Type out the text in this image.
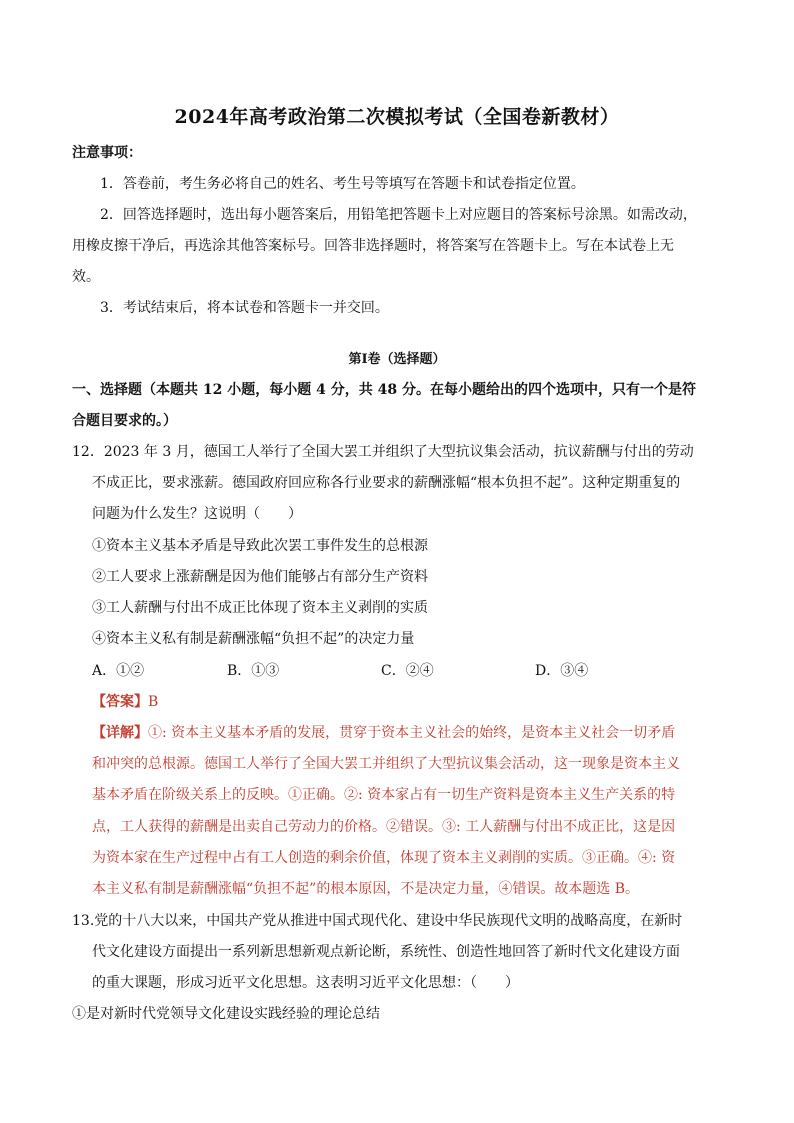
2024年高考政治第二次模拟考试（全国卷新教材）
注意事项：
1．答卷前，考生务必将自己的姓名、考生号等填写在答题卡和试卷指定位置。
2．回答选择题时，选出每小题答案后，用铅笔把答题卡上对应题目的答案标号涂黑。如需改动，
用橡皮擦干净后，再选涂其他答案标号。回答非选择题时，将答案写在答题卡上。写在本试卷上无
效。
3．考试结束后，将本试卷和答题卡一并交回。
第Ⅰ卷（选择题）
一、选择题（本题共 12 小题，每小题 4 分，共 48 分。在每小题给出的四个选项中，只有一个是符
合题目要求的。）
12．2023 年 3 月，德国工人举行了全国大罢工并组织了大型抗议集会活动，抗议薪酬与付出的劳动
不成正比，要求涨薪。德国政府回应称各行业要求的薪酬涨幅“根本负担不起”。这种定期重复的
问题为什么发生？这说明（　　）
①资本主义基本矛盾是导致此次罢工事件发生的总根源
②工人要求上涨薪酬是因为他们能够占有部分生产资料
③工人薪酬与付出不成正比体现了资本主义剥削的实质
④资本主义私有制是薪酬涨幅“负担不起”的决定力量
A．①②	B．①③	C．②④	D．③④
【答案】B
【详解】①: 资本主义基本矛盾的发展，贯穿于资本主义社会的始终，是资本主义社会一切矛盾
和冲突的总根源。德国工人举行了全国大罢工并组织了大型抗议集会活动，这一现象是资本主义
基本矛盾在阶级关系上的反映。①正确。②: 资本家占有一切生产资料是资本主义生产关系的特
点，工人获得的薪酬是出卖自己劳动力的价格。②错误。③: 工人薪酬与付出不成正比，这是因
为资本家在生产过程中占有工人创造的剩余价值，体现了资本主义剥削的实质。③正确。④: 资
本主义私有制是薪酬涨幅“负担不起”的根本原因，不是决定力量，④错误。故本题选 B。
13.党的十八大以来，中国共产党从推进中国式现代化、建设中华民族现代文明的战略高度，在新时
代文化建设方面提出一系列新思想新观点新论断，系统性、创造性地回答了新时代文化建设方面
的重大课题，形成习近平文化思想。这表明习近平文化思想：（　　）
①是对新时代党领导文化建设实践经验的理论总结
